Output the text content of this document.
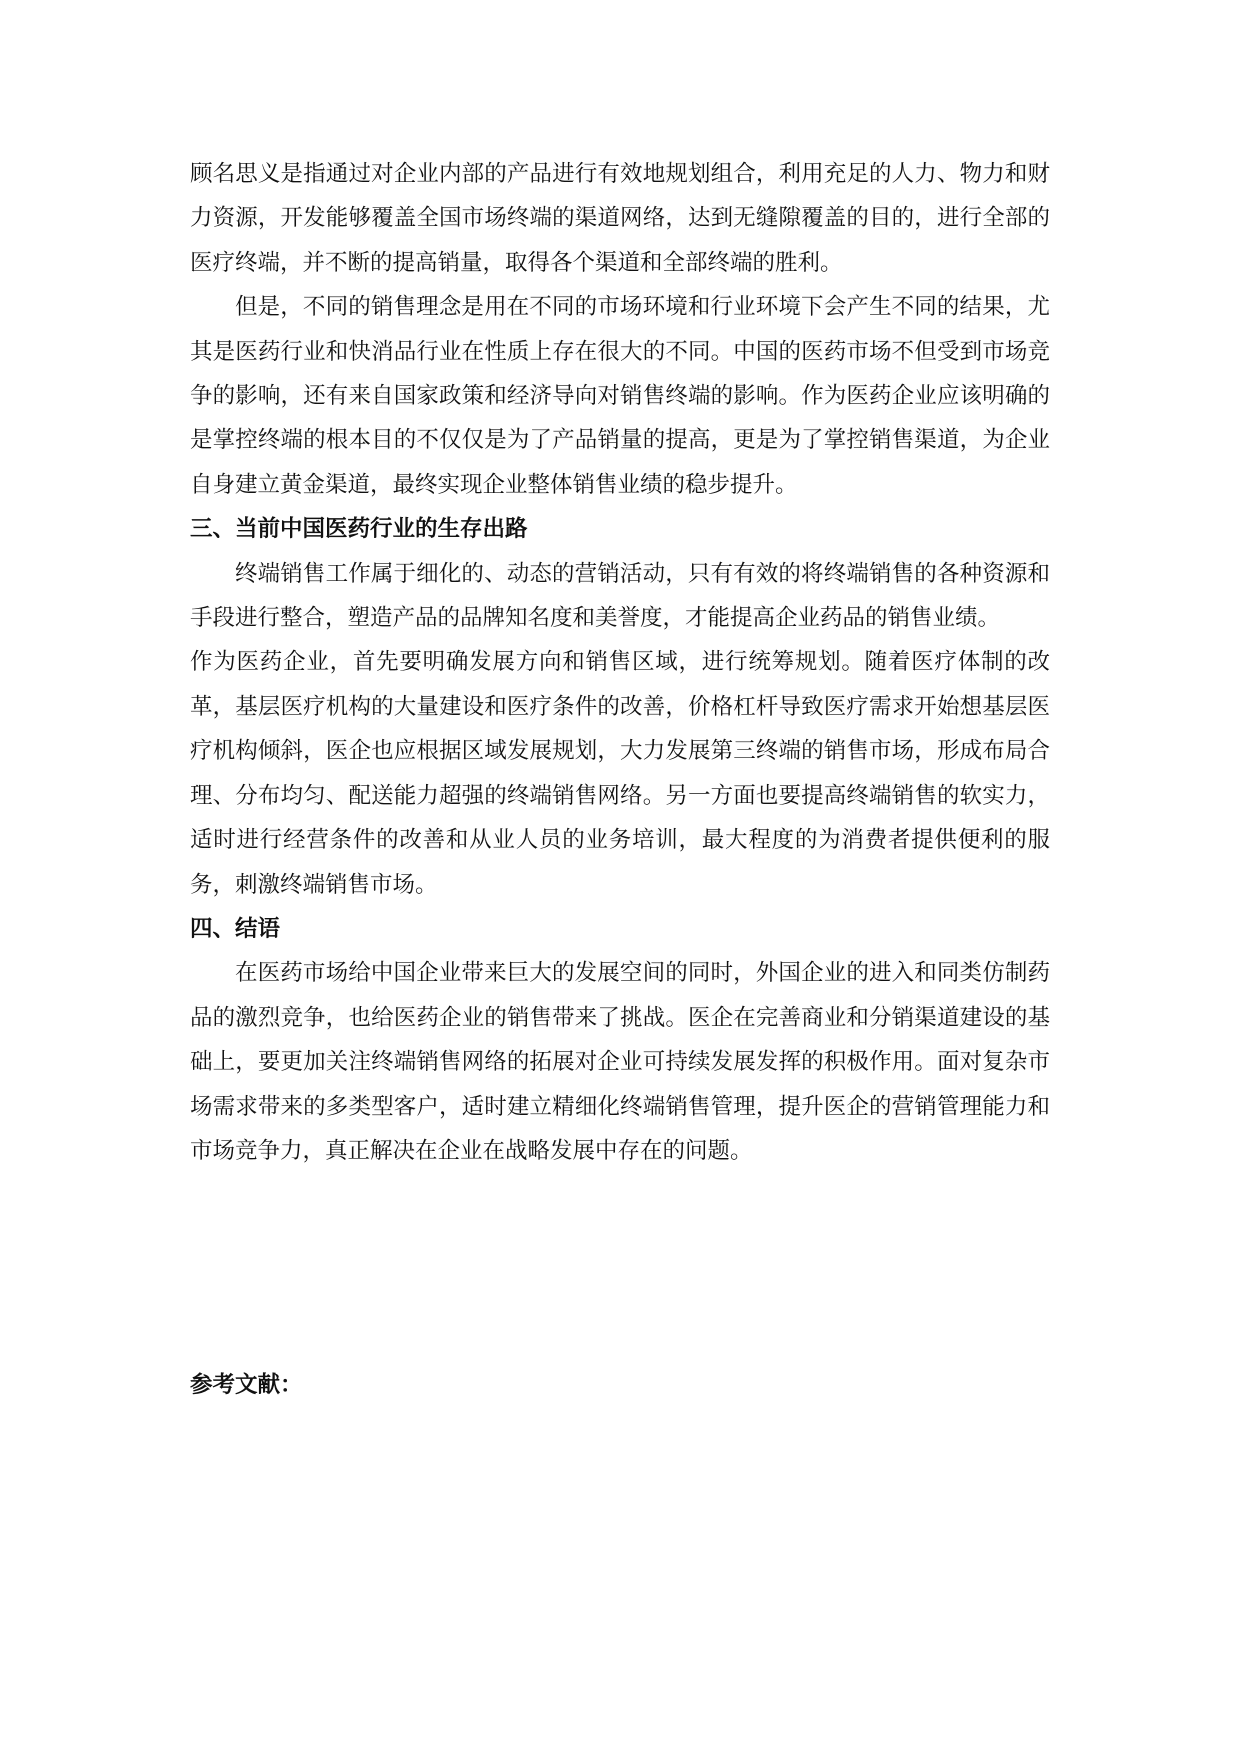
顾名思义是指通过对企业内部的产品进行有效地规划组合，利用充足的人力、物力和财力资源，开发能够覆盖全国市场终端的渠道网络，达到无缝隙覆盖的目的，进行全部的医疗终端，并不断的提高销量，取得各个渠道和全部终端的胜利。

但是，不同的销售理念是用在不同的市场环境和行业环境下会产生不同的结果，尤其是医药行业和快消品行业在性质上存在很大的不同。中国的医药市场不但受到市场竞争的影响，还有来自国家政策和经济导向对销售终端的影响。作为医药企业应该明确的是掌控终端的根本目的不仅仅是为了产品销量的提高，更是为了掌控销售渠道，为企业自身建立黄金渠道，最终实现企业整体销售业绩的稳步提升。

三、当前中国医药行业的生存出路

终端销售工作属于细化的、动态的营销活动，只有有效的将终端销售的各种资源和手段进行整合，塑造产品的品牌知名度和美誉度，才能提高企业药品的销售业绩。

作为医药企业，首先要明确发展方向和销售区域，进行统筹规划。随着医疗体制的改革，基层医疗机构的大量建设和医疗条件的改善，价格杠杆导致医疗需求开始想基层医疗机构倾斜，医企也应根据区域发展规划，大力发展第三终端的销售市场，形成布局合理、分布均匀、配送能力超强的终端销售网络。另一方面也要提高终端销售的软实力，适时进行经营条件的改善和从业人员的业务培训，最大程度的为消费者提供便利的服务，刺激终端销售市场。

四、结语

在医药市场给中国企业带来巨大的发展空间的同时，外国企业的进入和同类仿制药品的激烈竞争，也给医药企业的销售带来了挑战。医企在完善商业和分销渠道建设的基础上，要更加关注终端销售网络的拓展对企业可持续发展发挥的积极作用。面对复杂市场需求带来的多类型客户，适时建立精细化终端销售管理，提升医企的营销管理能力和市场竞争力，真正解决在企业在战略发展中存在的问题。

参考文献：
